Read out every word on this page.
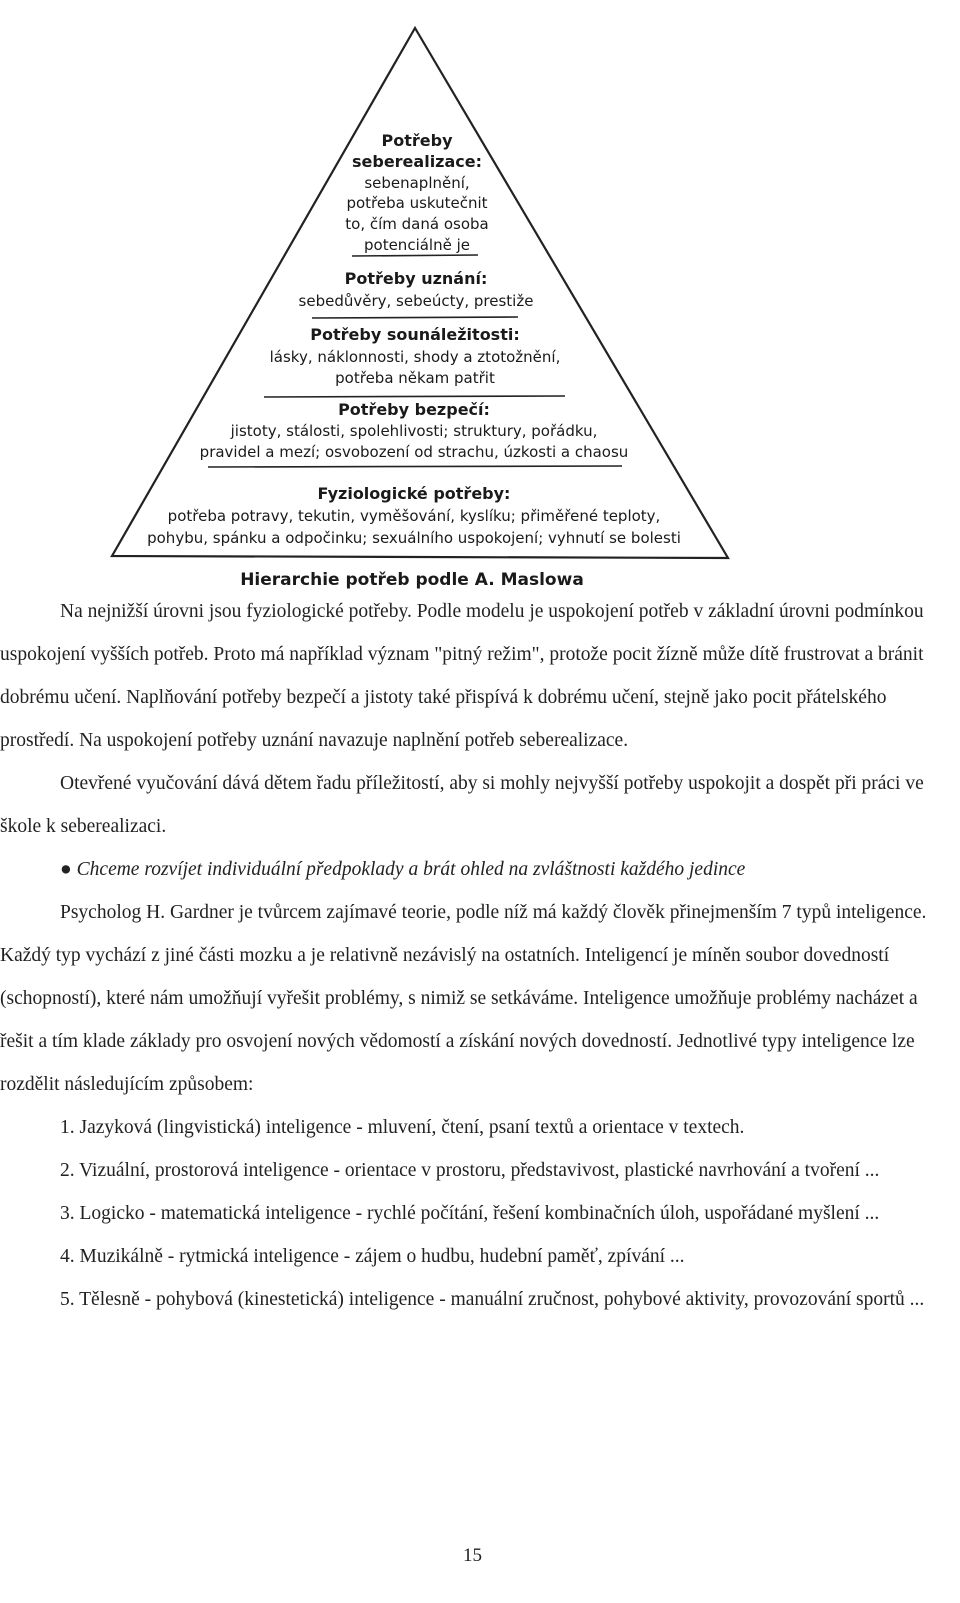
Potřeby
seberealizace:
sebenaplnění,
potřeba uskutečnit
to, čím daná osoba
potenciálně je
Potřeby uznání:
sebedůvěry, sebeúcty, prestiže
Potřeby sounáležitosti:
lásky, náklonnosti, shody a ztotožnění,
potřeba někam patřit
Potřeby bezpečí:
jistoty, stálosti, spolehlivosti; struktury, pořádku,
pravidel a mezí; osvobození od strachu, úzkosti a chaosu
Fyziologické potřeby:
potřeba potravy, tekutin, vyměšování, kyslíku; přiměřené teploty,
pohybu, spánku a odpočinku; sexuálního uspokojení; vyhnutí se bolesti
Hierarchie potřeb podle A. Maslowa

Na nejnižší úrovni jsou fyziologické potřeby. Podle modelu je uspokojení potřeb v základní úrovni podmínkou uspokojení vyšších potřeb. Proto má například význam "pitný režim", protože pocit žízně může dítě frustrovat a bránit dobrému učení. Naplňování potřeby bezpečí a jistoty také přispívá k dobrému učení, stejně jako pocit přátelského prostředí. Na uspokojení potřeby uznání navazuje naplnění potřeb seberealizace.

Otevřené vyučování dává dětem řadu příležitostí, aby si mohly nejvyšší potřeby uspokojit a dospět při práci ve škole k seberealizaci.

● Chceme rozvíjet individuální předpoklady a brát ohled na zvláštnosti každého jedince

Psycholog H. Gardner je tvůrcem zajímavé teorie, podle níž má každý člověk přinejmenším 7 typů inteligence. Každý typ vychází z jiné části mozku a je relativně nezávislý na ostatních. Inteligencí je míněn soubor dovedností (schopností), které nám umožňují vyřešit problémy, s nimiž se setkáváme. Inteligence umožňuje problémy nacházet a řešit a tím klade základy pro osvojení nových vědomostí a získání nových dovedností. Jednotlivé typy inteligence lze rozdělit následujícím způsobem:

1. Jazyková (lingvistická) inteligence - mluvení, čtení, psaní textů a orientace v textech.

2. Vizuální, prostorová inteligence - orientace v prostoru, představivost, plastické navrhování a tvoření ...

3. Logicko - matematická inteligence - rychlé počítání, řešení kombinačních úloh, uspořádané myšlení ...

4. Muzikálně - rytmická inteligence - zájem o hudbu, hudební paměť, zpívání ...

5. Tělesně - pohybová (kinestetická) inteligence - manuální zručnost, pohybové aktivity, provozování sportů ...

15
